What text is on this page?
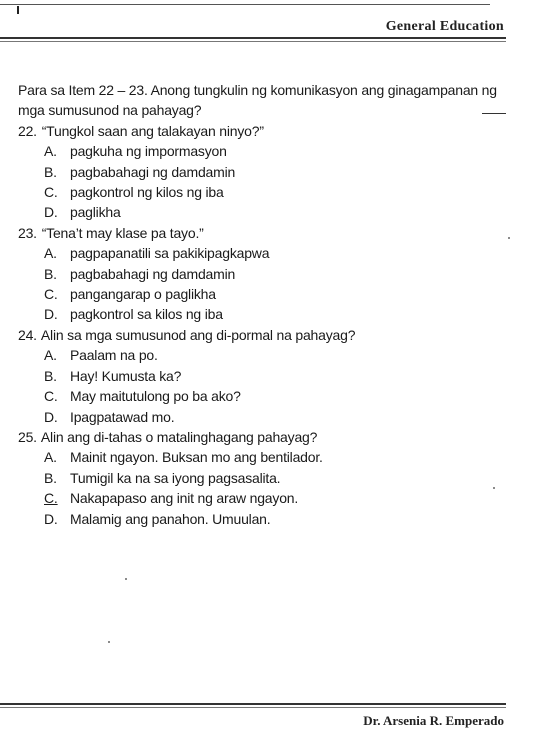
General Education

Para sa Item 22 – 23. Anong tungkulin ng komunikasyon ang ginagampanan ng mga sumusunod na pahayag?

22. “Tungkol saan ang talakayan ninyo?”

A. pagkuha ng impormasyon

B. pagbabahagi ng damdamin

C. pagkontrol ng kilos ng iba

D. paglikha

23. “Tena’t may klase pa tayo.”

A. pagpapanatili sa pakikipagkapwa

B. pagbabahagi ng damdamin

C. pangangarap o paglikha

D. pagkontrol sa kilos ng iba

24. Alin sa mga sumusunod ang di-pormal na pahayag?

A. Paalam na po.

B. Hay! Kumusta ka?

C. May maitutulong po ba ako?

D. Ipagpatawad mo.

25. Alin ang di-tahas o matalinghagang pahayag?

A. Mainit ngayon. Buksan mo ang bentilador.

B. Tumigil ka na sa iyong pagsasalita.

C. Nakapapaso ang init ng araw ngayon.

D. Malamig ang panahon. Umuulan.

Dr. Arsenia R. Emperado
